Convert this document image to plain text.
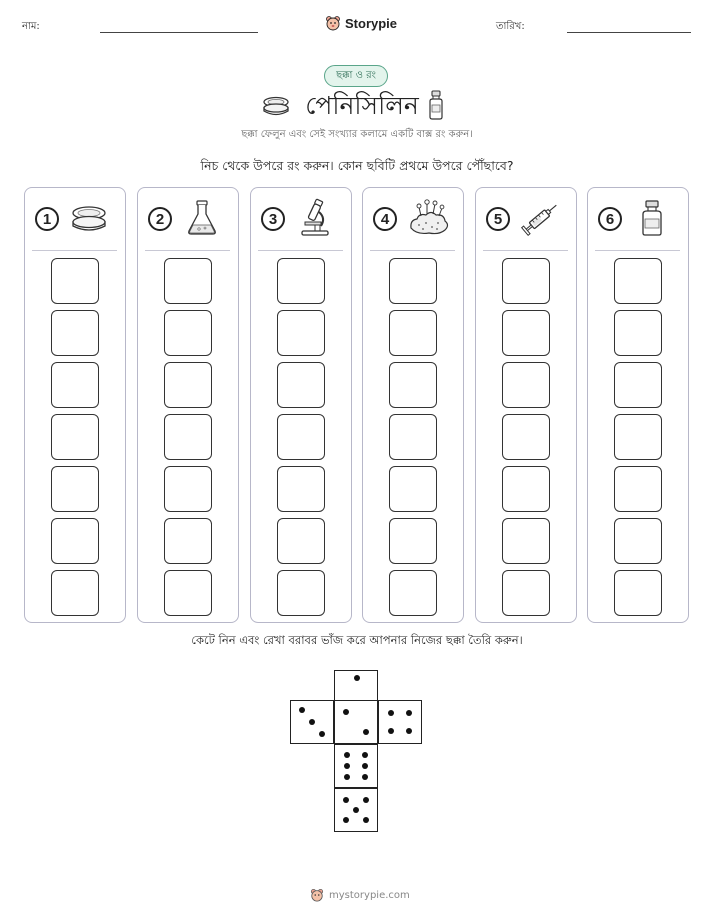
নাম:	Storypie	তারিখ:
ছক্কা ও রং
পেনিসিলিন
ছক্কা ফেলুন এবং সেই সংখ্যার কলামে একটি বাক্স রং করুন।
নিচ থেকে উপরে রং করুন। কোন ছবিটি প্রথমে উপরে পৌঁছাবে?
1	2	3	4	5	6
কেটে নিন এবং রেখা বরাবর ভাঁজ করে আপনার নিজের ছক্কা তৈরি করুন।
mystorypie.com
